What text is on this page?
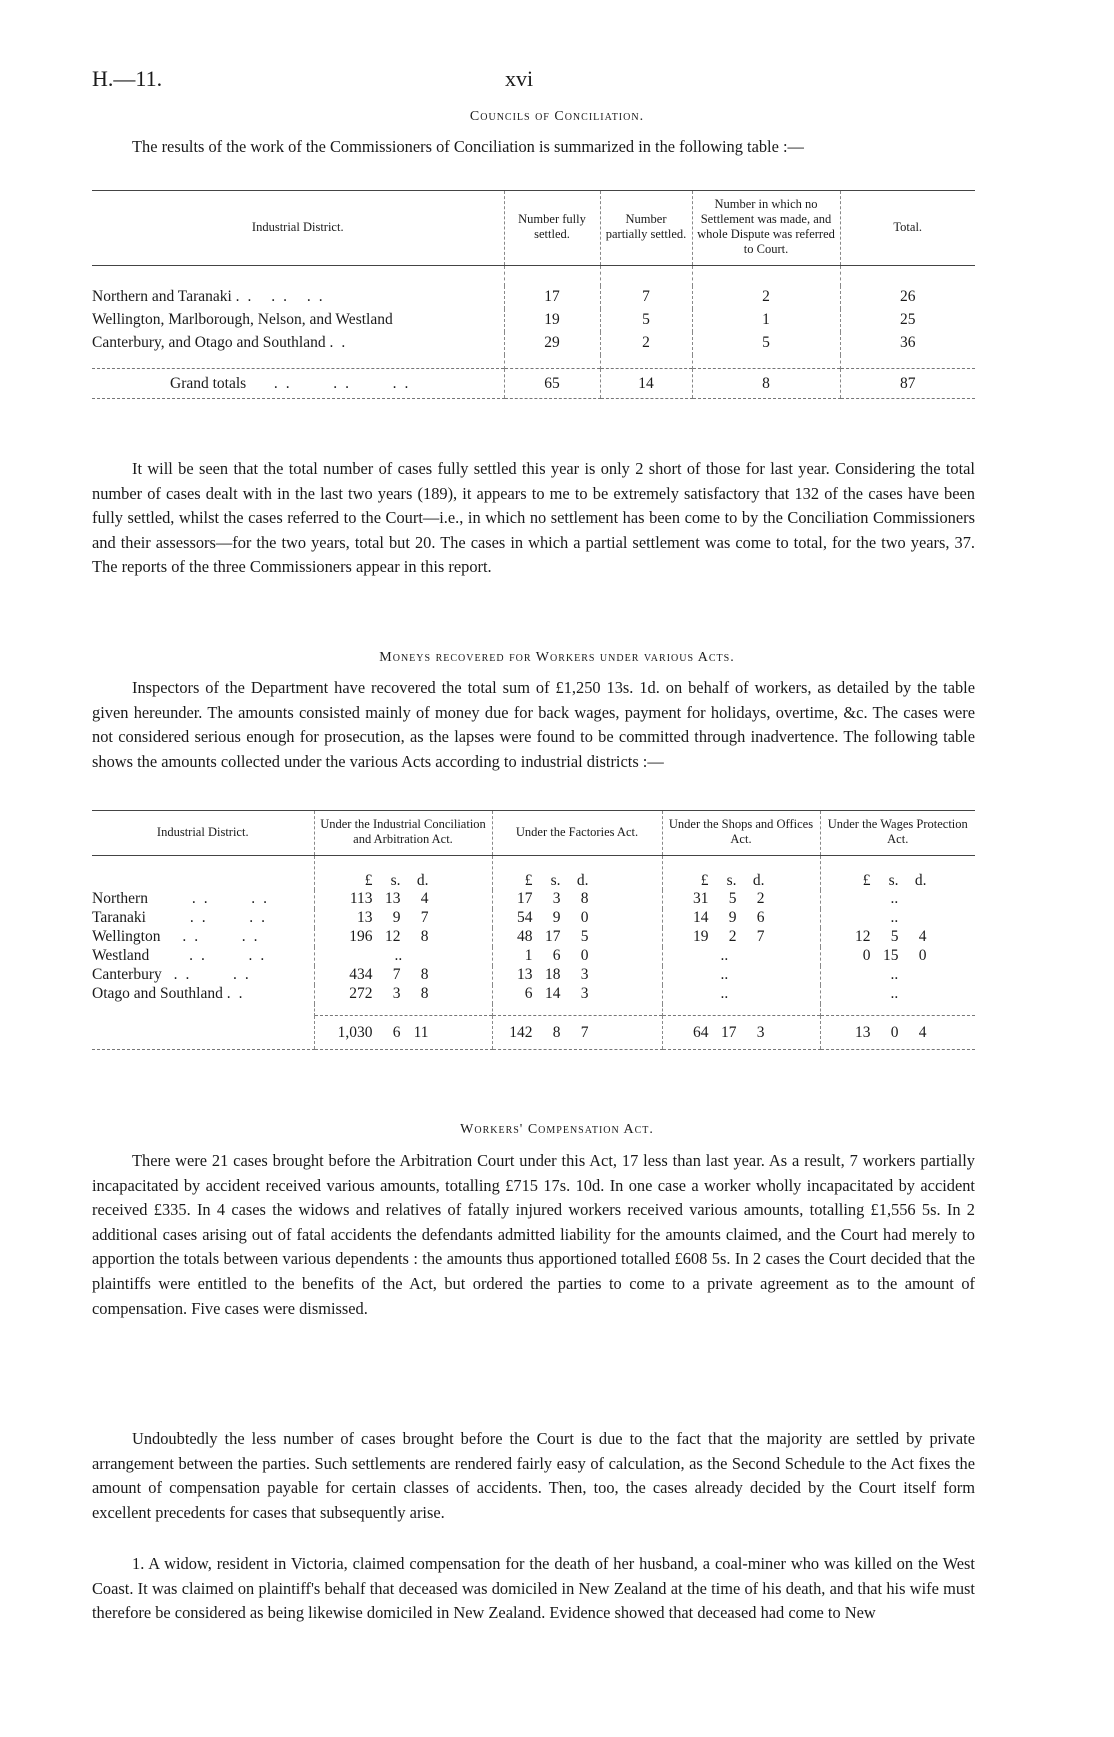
H.—11.	xvi
Councils of Conciliation.

The results of the work of the Commissioners of Conciliation is summarized in the following table :—

Industrial District.	Number fully settled.	Number partially settled.	Number in which no Settlement was made, and whole Dispute was referred to Court.	Total.

Northern and Taranaki .. .. ..	17	7	2	26
Wellington, Marlborough, Nelson, and Westland	19	5	1	25
Canterbury, and Otago and Southland ..	29	2	5	36

Grand totals   ..   ..   ..	65	14	8	87

It will be seen that the total number of cases fully settled this year is only 2 short of those for last year. Considering the total number of cases dealt with in the last two years (189), it appears to me to be extremely satisfactory that 132 of the cases have been fully settled, whilst the cases referred to the Court—i.e., in which no settlement has been come to by the Conciliation Commissioners and their assessors—for the two years, total but 20. The cases in which a partial settlement was come to total, for the two years, 37. The reports of the three Commissioners appear in this report.

Moneys recovered for Workers under various Acts.

Inspectors of the Department have recovered the total sum of £1,250 13s. 1d. on behalf of workers, as detailed by the table given hereunder. The amounts consisted mainly of money due for back wages, payment for holidays, overtime, &c. The cases were not considered serious enough for prosecution, as the lapses were found to be committed through inadvertence. The following table shows the amounts collected under the various Acts according to industrial districts :—

Industrial District.	Under the Industrial Conciliation and Arbitration Act.	Under the Factories Act.	Under the Shops and Offices Act.	Under the Wages Protection Act.
	£ s. d.	£ s. d.	£ s. d.	£ s. d.
Northern ..   ..	113 13 4	17 3 8	31 5 2	..
Taranaki ..   ..	13 9 7	54 9 0	14 9 6	..
Wellington ..   ..	196 12 8	48 17 5	19 2 7	12 5 4
Westland ..   ..	..	1 6 0	..	0 15 0
Canterbury ..   ..	434 7 8	13 18 3	..	..
Otago and Southland ..	272 3 8	6 14 3	..	..

	1,030 6 11	142 8 7	64 17 3	13 0 4
Workers' Compensation Act.

There were 21 cases brought before the Arbitration Court under this Act, 17 less than last year. As a result, 7 workers partially incapacitated by accident received various amounts, totalling £715 17s. 10d. In one case a worker wholly incapacitated by accident received £335. In 4 cases the widows and relatives of fatally injured workers received various amounts, totalling £1,556 5s. In 2 additional cases arising out of fatal accidents the defendants admitted liability for the amounts claimed, and the Court had merely to apportion the totals between various dependents : the amounts thus apportioned totalled £608 5s. In 2 cases the Court decided that the plaintiffs were entitled to the benefits of the Act, but ordered the parties to come to a private agreement as to the amount of compensation. Five cases were dismissed.

Undoubtedly the less number of cases brought before the Court is due to the fact that the majority are settled by private arrangement between the parties. Such settlements are rendered fairly easy of calculation, as the Second Schedule to the Act fixes the amount of compensation payable for certain classes of accidents. Then, too, the cases already decided by the Court itself form excellent precedents for cases that subsequently arise.

1. A widow, resident in Victoria, claimed compensation for the death of her husband, a coal-miner who was killed on the West Coast. It was claimed on plaintiff's behalf that deceased was domiciled in New Zealand at the time of his death, and that his wife must therefore be considered as being likewise domiciled in New Zealand. Evidence showed that deceased had come to New
